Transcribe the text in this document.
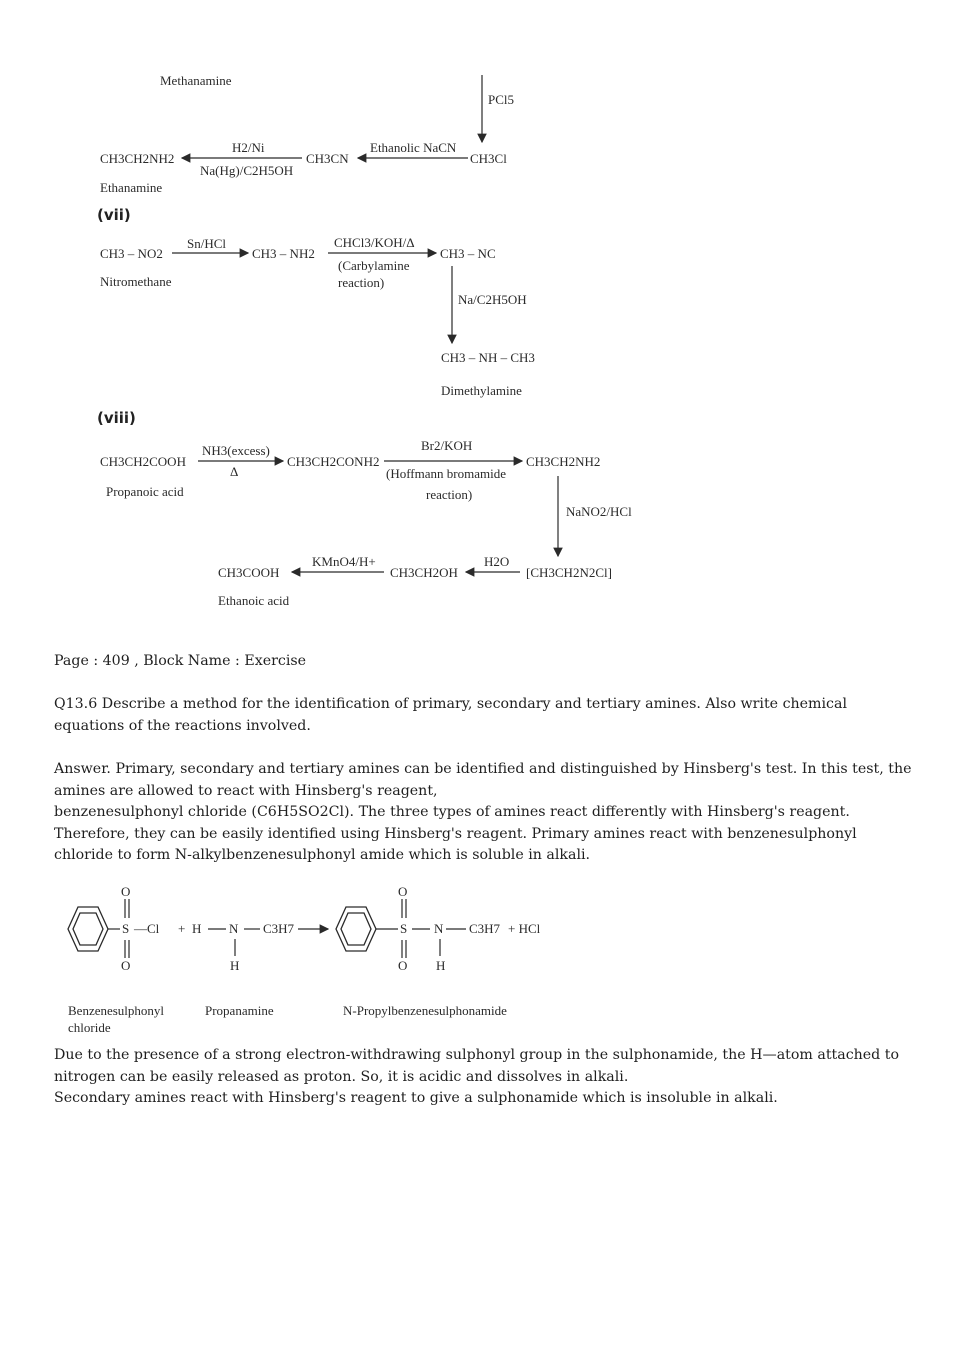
Methanamine
PCl5
CH3CH2NH2
H2/Ni
Na(Hg)/C2H5OH
CH3CN
Ethanolic NaCN
CH3Cl
Ethanamine
(vii)
CH3 – NO2
Sn/HCl
CH3 – NH2
CHCl3/KOH/Δ
(Carbylamine
reaction)
CH3 – NC
Nitromethane
Na/C2H5OH
CH3 – NH – CH3
Dimethylamine
(viii)
CH3CH2COOH
NH3(excess)
Δ
CH3CH2CONH2
Br2/KOH
(Hoffmann bromamide
reaction)
CH3CH2NH2
Propanoic acid
NaNO2/HCl
KMnO4/H+	H2O
CH3COOH	CH3CH2OH	[CH3CH2N2Cl]
Ethanoic acid
Page : 409 , Block Name : Exercise
Q13.6 Describe a method for the identification of primary, secondary and tertiary amines. Also write chemical equations of the reactions involved.
Answer. Primary, secondary and tertiary amines can be identified and distinguished by Hinsberg's test. In this test, the amines are allowed to react with Hinsberg's reagent,
benzenesulphonyl chloride (C6H5SO2Cl). The three types of amines react differently with Hinsberg's reagent. Therefore, they can be easily identified using Hinsberg's reagent. Primary amines react with benzenesulphonyl chloride to form N-alkylbenzenesulphonyl amide which is soluble in alkali.
O
S —Cl + H N C3H7
O	H
O
S N C3H7 + HCl
O H
Benzenesulphonyl
chloride
Propanamine	N-Propylbenzenesulphonamide
Due to the presence of a strong electron-withdrawing sulphonyl group in the sulphonamide, the H—atom attached to nitrogen can be easily released as proton. So, it is acidic and dissolves in alkali.
Secondary amines react with Hinsberg's reagent to give a sulphonamide which is insoluble in alkali.
